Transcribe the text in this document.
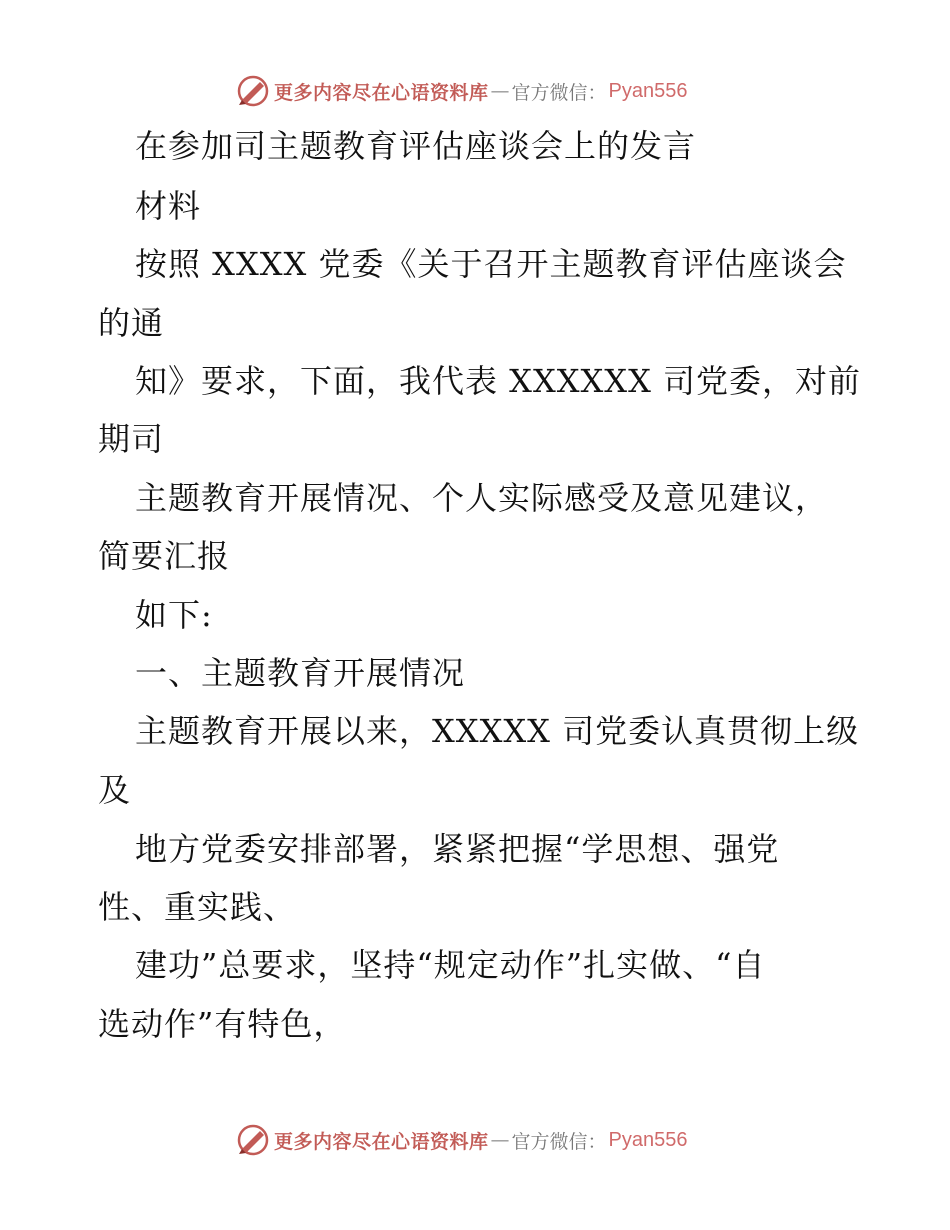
更多内容尽在心语资料库 — 官方微信： Pyan556
在参加司主题教育评估座谈会上的发言
材料
按照 XXXX 党委《关于召开主题教育评估座谈会
的通
知》要求，下面，我代表 XXXXXX 司党委，对前
期司
主题教育开展情况、个人实际感受及意见建议，
简要汇报
如下:
一、主题教育开展情况
主题教育开展以来，XXXXX 司党委认真贯彻上级
及
地方党委安排部署，紧紧把握“学思想、强党
性、重实践、
建功”总要求，坚持“规定动作”扎实做、“自
选动作”有特色，
更多内容尽在心语资料库 — 官方微信： Pyan556
